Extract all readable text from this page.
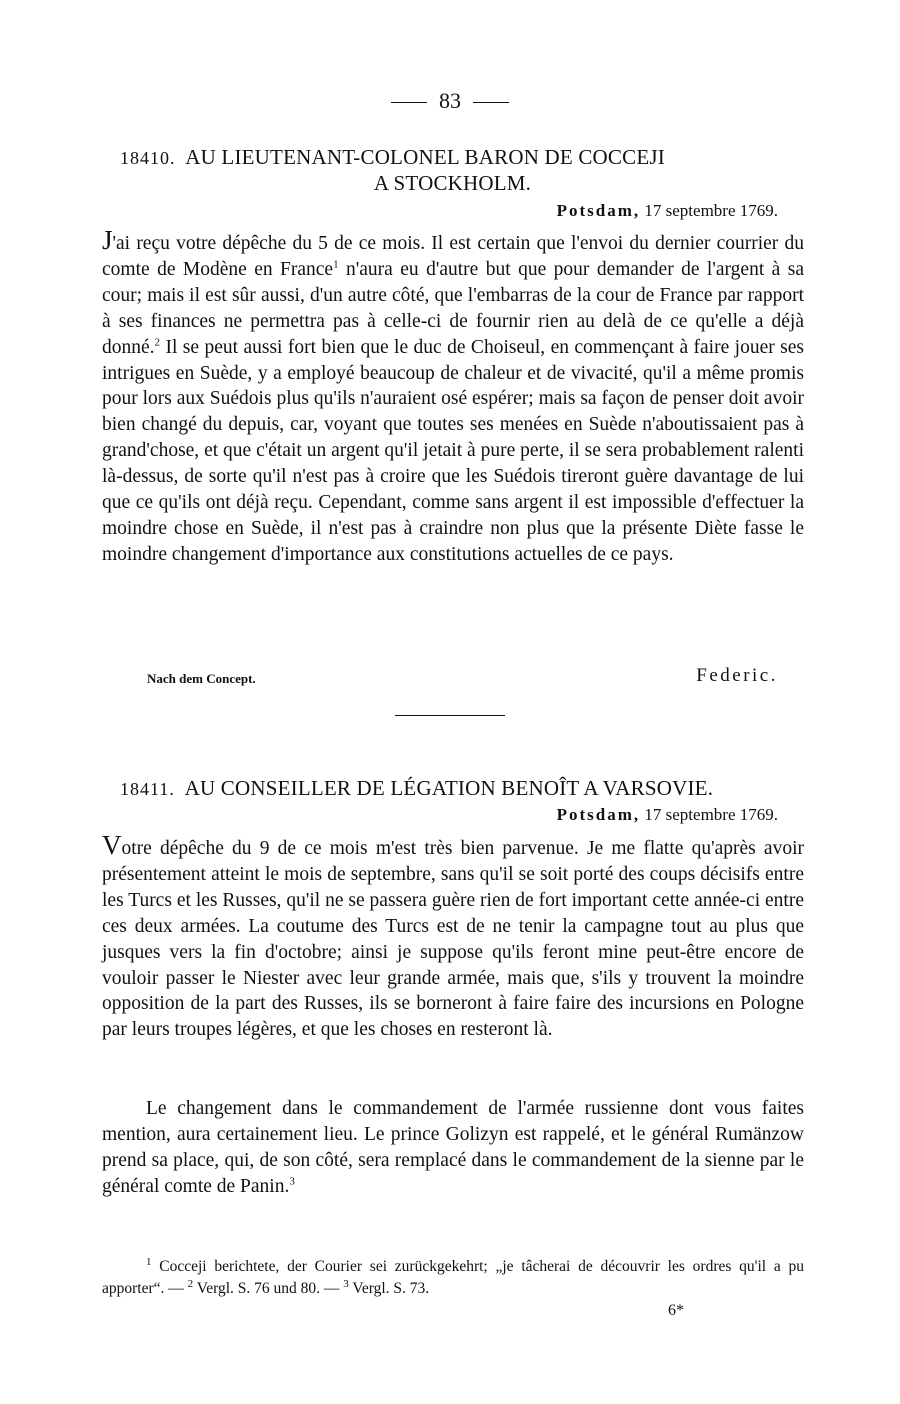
83
18410. AU LIEUTENANT-COLONEL BARON DE COCCEJI
A STOCKHOLM.
Potsdam, 17 septembre 1769.
J'ai reçu votre dépêche du 5 de ce mois. Il est certain que l'envoi du dernier courrier du comte de Modène en France$^1$ n'aura eu d'autre but que pour demander de l'argent à sa cour; mais il est sûr aussi, d'un autre côté, que l'embarras de la cour de France par rapport à ses finances ne permettra pas à celle-ci de fournir rien au delà de ce qu'elle a déjà donné.$^2$ Il se peut aussi fort bien que le duc de Choiseul, en commençant à faire jouer ses intrigues en Suède, y a employé beaucoup de chaleur et de vivacité, qu'il a même promis pour lors aux Suédois plus qu'ils n'auraient osé espérer; mais sa façon de penser doit avoir bien changé du depuis, car, voyant que toutes ses menées en Suède n'aboutissaient pas à grand'chose, et que c'était un argent qu'il jetait à pure perte, il se sera probablement ralenti là-dessus, de sorte qu'il n'est pas à croire que les Suédois tireront guère davantage de lui que ce qu'ils ont déjà reçu. Cependant, comme sans argent il est impossible d'effectuer la moindre chose en Suède, il n'est pas à craindre non plus que la présente Diète fasse le moindre changement d'importance aux constitutions actuelles de ce pays.
Nach dem Concept.	Federic.
18411. AU CONSEILLER DE LÉGATION BENOÎT A VARSOVIE.
Potsdam, 17 septembre 1769.
Votre dépêche du 9 de ce mois m'est très bien parvenue. Je me flatte qu'après avoir présentement atteint le mois de septembre, sans qu'il se soit porté des coups décisifs entre les Turcs et les Russes, qu'il ne se passera guère rien de fort important cette année-ci entre ces deux armées. La coutume des Turcs est de ne tenir la campagne tout au plus que jusques vers la fin d'octobre; ainsi je suppose qu'ils feront mine peut-être encore de vouloir passer le Niester avec leur grande armée, mais que, s'ils y trouvent la moindre opposition de la part des Russes, ils se borneront à faire faire des incursions en Pologne par leurs troupes légères, et que les choses en resteront là.
Le changement dans le commandement de l'armée russienne dont vous faites mention, aura certainement lieu. Le prince Golizyn est rappelé, et le général Rumänzow prend sa place, qui, de son côté, sera remplacé dans le commandement de la sienne par le général comte de Panin.$^3$
$^1$ Cocceji berichtete, der Courier sei zurückgekehrt; „je tâcherai de découvrir les ordres qu'il a pu apporter“. — $^2$ Vergl. S. 76 und 80. — $^3$ Vergl. S. 73.
6*
